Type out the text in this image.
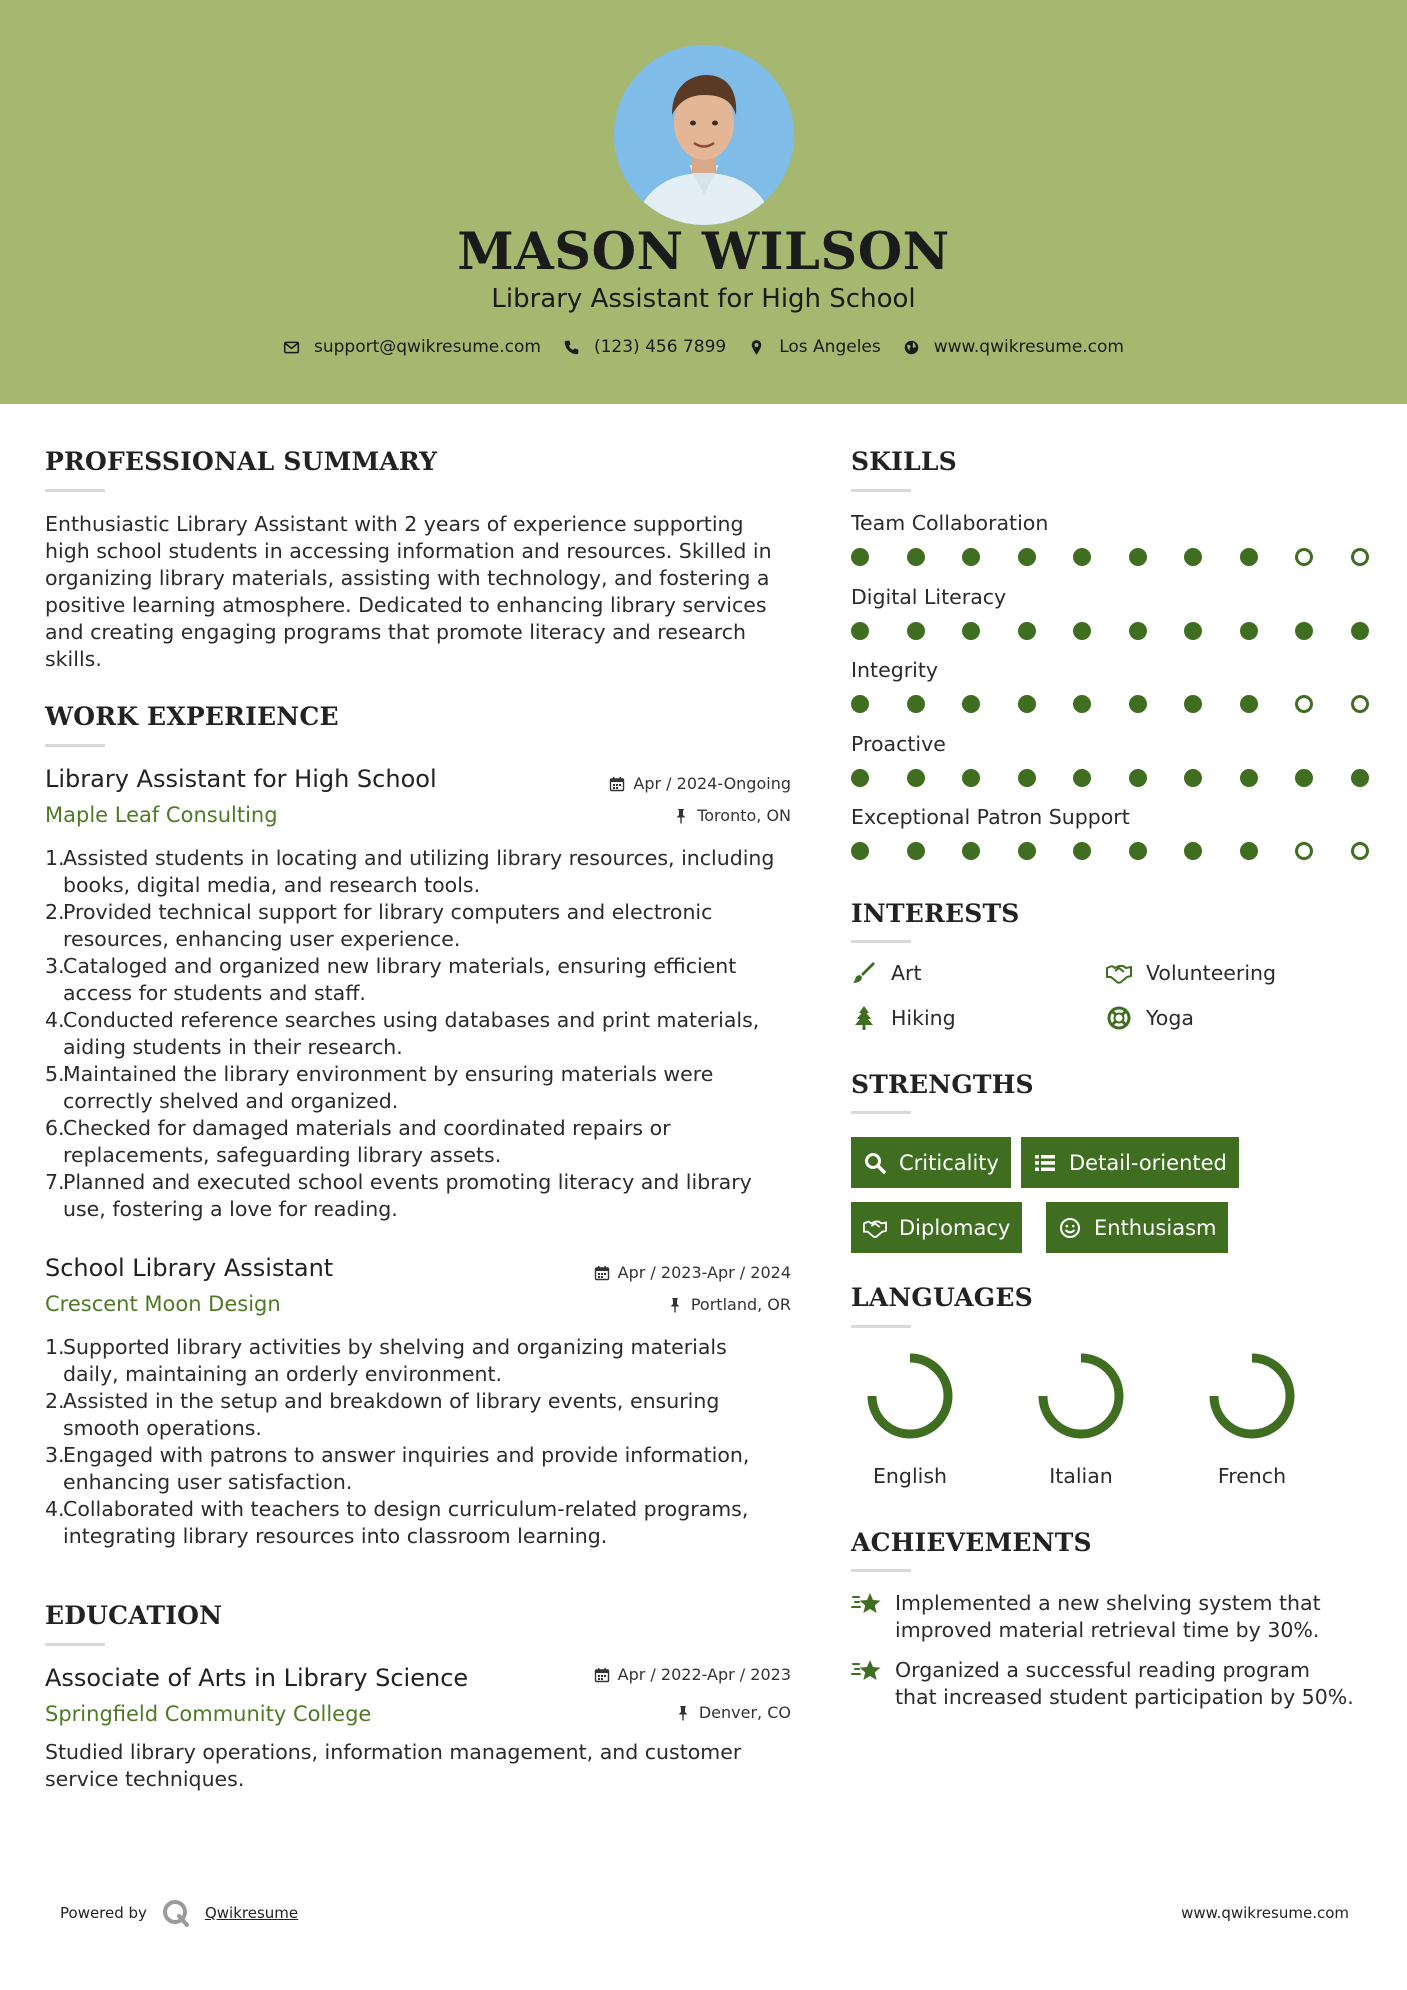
MASON WILSON
Library Assistant for High School
support@qwikresume.com	(123) 456 7899	Los Angeles	www.qwikresume.com
PROFESSIONAL SUMMARY
Enthusiastic Library Assistant with 2 years of experience supporting
high school students in accessing information and resources. Skilled in
organizing library materials, assisting with technology, and fostering a
positive learning atmosphere. Dedicated to enhancing library services
and creating engaging programs that promote literacy and research
skills.
WORK EXPERIENCE
Library Assistant for High School	Apr / 2024-Ongoing
Maple Leaf Consulting	Toronto, ON
1.
Assisted students in locating and utilizing library resources, including
books, digital media, and research tools.
2.
Provided technical support for library computers and electronic
resources, enhancing user experience.
3.
Cataloged and organized new library materials, ensuring efficient
access for students and staff.
4.
Conducted reference searches using databases and print materials,
aiding students in their research.
5.
Maintained the library environment by ensuring materials were
correctly shelved and organized.
6.
Checked for damaged materials and coordinated repairs or
replacements, safeguarding library assets.
7.
Planned and executed school events promoting literacy and library
use, fostering a love for reading.
School Library Assistant	Apr / 2023-Apr / 2024
Crescent Moon Design	Portland, OR
1.
Supported library activities by shelving and organizing materials
daily, maintaining an orderly environment.
2.
Assisted in the setup and breakdown of library events, ensuring
smooth operations.
3.
Engaged with patrons to answer inquiries and provide information,
enhancing user satisfaction.
4.
Collaborated with teachers to design curriculum-related programs,
integrating library resources into classroom learning.
EDUCATION
Associate of Arts in Library Science	Apr / 2022-Apr / 2023
Springfield Community College	Denver, CO
Studied library operations, information management, and customer
service techniques.
SKILLS
Team Collaboration
Digital Literacy
Integrity
Proactive
Exceptional Patron Support
INTERESTS
Art	Volunteering
Hiking	Yoga
STRENGTHS
Criticality	Detail-oriented
Diplomacy	Enthusiasm
LANGUAGES
English	Italian	French
ACHIEVEMENTS
Implemented a new shelving system that
improved material retrieval time by 30%.
Organized a successful reading program
that increased student participation by 50%.
Powered by	Qwikresume	www.qwikresume.com
